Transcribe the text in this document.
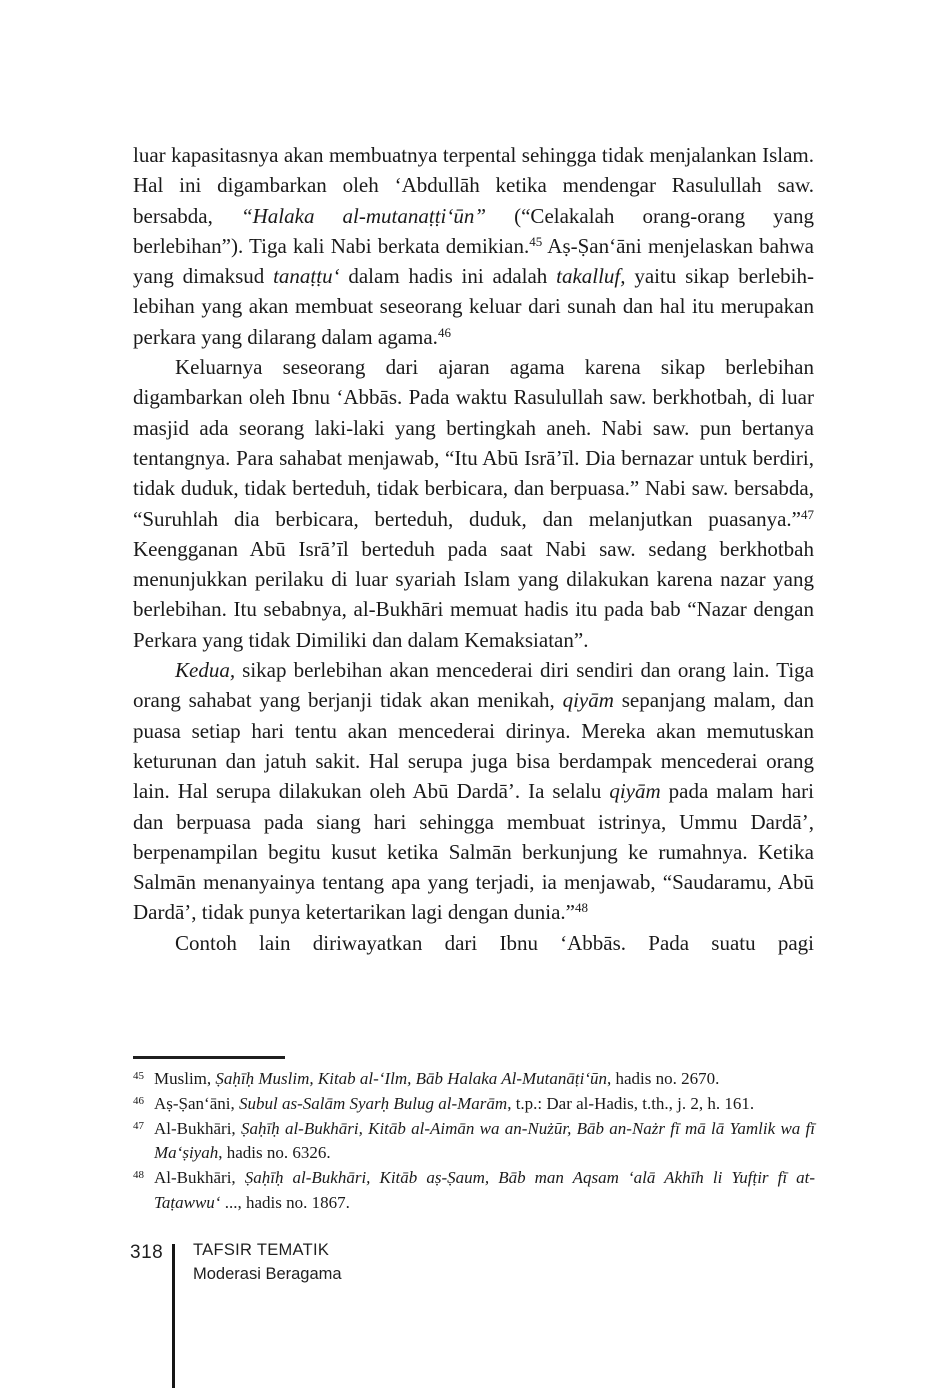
luar kapasitasnya akan membuatnya terpental sehingga tidak menjalankan Islam. Hal ini digambarkan oleh ‘Abdullāh ketika mendengar Rasulullah saw. bersabda, “Halaka al-mutanaṭṭi‘ūn” (“Celakalah orang-orang yang berlebihan”). Tiga kali Nabi berkata demikian.$^{45}$ Aṣ-Ṣan‘āni menjelaskan bahwa yang dimaksud tanaṭṭu‘ dalam hadis ini adalah takalluf, yaitu sikap berlebih-lebihan yang akan membuat seseorang keluar dari sunah dan hal itu merupakan perkara yang dilarang dalam agama.$^{46}$

Keluarnya seseorang dari ajaran agama karena sikap berlebihan digambarkan oleh Ibnu ‘Abbās. Pada waktu Rasulullah saw. berkhotbah, di luar masjid ada seorang laki-laki yang bertingkah aneh. Nabi saw. pun bertanya tentangnya. Para sahabat menjawab, “Itu Abū Isrā’īl. Dia bernazar untuk berdiri, tidak duduk, tidak berteduh, tidak berbicara, dan berpuasa.” Nabi saw. bersabda, “Suruhlah dia berbicara, berteduh, duduk, dan melanjutkan puasanya.”$^{47}$ Keengganan Abū Isrā’īl berteduh pada saat Nabi saw. sedang berkhotbah menunjukkan perilaku di luar syariah Islam yang dilakukan karena nazar yang berlebihan. Itu sebabnya, al-Bukhāri memuat hadis itu pada bab “Nazar dengan Perkara yang tidak Dimiliki dan dalam Kemaksiatan”.

Kedua, sikap berlebihan akan mencederai diri sendiri dan orang lain. Tiga orang sahabat yang berjanji tidak akan menikah, qiyām sepanjang malam, dan puasa setiap hari tentu akan mencederai dirinya. Mereka akan memutuskan keturunan dan jatuh sakit. Hal serupa juga bisa berdampak mencederai orang lain. Hal serupa dilakukan oleh Abū Dardā’. Ia selalu qiyām pada malam hari dan berpuasa pada siang hari sehingga membuat istrinya, Ummu Dardā’, berpenampilan begitu kusut ketika Salmān berkunjung ke rumahnya. Ketika Salmān menanyainya tentang apa yang terjadi, ia menjawab, “Saudaramu, Abū Dardā’, tidak punya ketertarikan lagi dengan dunia.”$^{48}$

Contoh lain diriwayatkan dari Ibnu ‘Abbās. Pada suatu pagi

$^{45}$ Muslim, Ṣaḥīḥ Muslim, Kitab al-‘Ilm, Bāb Halaka Al-Mutanāṭi‘ūn, hadis no. 2670.
$^{46}$ Aṣ-Ṣan‘āni, Subul as-Salām Syarḥ Bulug al-Marām, t.p.: Dar al-Hadis, t.th., j. 2, h. 161.
$^{47}$ Al-Bukhāri, Ṣaḥīḥ al-Bukhāri, Kitāb al-Aimān wa an-Nużūr, Bāb an-Nażr fī mā lā Yamlik wa fī Ma‘ṣiyah, hadis no. 6326.
$^{48}$ Al-Bukhāri, Ṣaḥīḥ al-Bukhāri, Kitāb aṣ-Ṣaum, Bāb man Aqsam ‘alā Akhīh li Yufṭir fī at-Taṭawwu‘ ..., hadis no. 1867.
318 TAFSIR TEMATIK
Moderasi Beragama
